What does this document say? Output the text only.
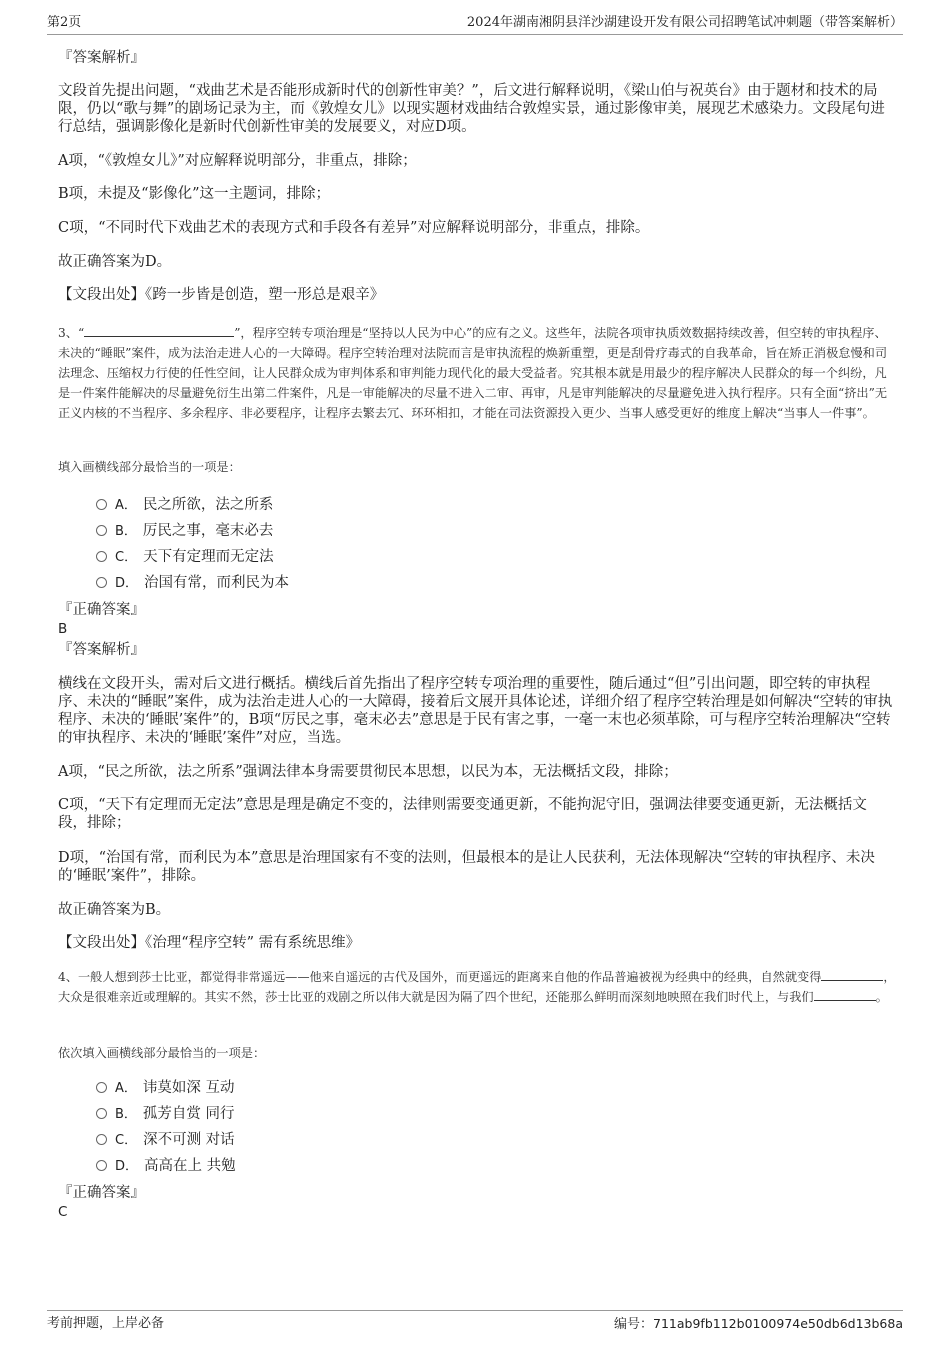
第2页	2024年湖南湘阴县洋沙湖建设开发有限公司招聘笔试冲刺题（带答案解析）

『答案解析』

文段首先提出问题，“戏曲艺术是否能形成新时代的创新性审美？”，后文进行解释说明，《梁山伯与祝英台》由于题材和技术的局限，仍以“歌与舞”的剧场记录为主，而《敦煌女儿》以现实题材戏曲结合敦煌实景，通过影像审美，展现艺术感染力。文段尾句进行总结，强调影像化是新时代创新性审美的发展要义，对应D项。

A项，“《敦煌女儿》”对应解释说明部分，非重点，排除；

B项，未提及“影像化”这一主题词，排除；

C项，“不同时代下戏曲艺术的表现方式和手段各有差异”对应解释说明部分，非重点，排除。

故正确答案为D。

【文段出处】《跨一步皆是创造，塑一形总是艰辛》

3、“	”，程序空转专项治理是“坚持以人民为中心”的应有之义。这些年，法院各项审执质效数据持续改善，但空转的审执程序、未决的“睡眠”案件，成为法治走进人心的一大障碍。程序空转治理对法院而言是审执流程的焕新重塑，更是刮骨疗毒式的自我革命，旨在矫正消极怠慢和司法理念、压缩权力行使的任性空间，让人民群众成为审判体系和审判能力现代化的最大受益者。究其根本就是用最少的程序解决人民群众的每一个纠纷，凡是一件案件能解决的尽量避免衍生出第二件案件，凡是一审能解决的尽量不进入二审、再审，凡是审判能解决的尽量避免进入执行程序。只有全面“挤出”无正义内核的不当程序、多余程序、非必要程序，让程序去繁去冗、环环相扣，才能在司法资源投入更少、当事人感受更好的维度上解决“当事人一件事”。

填入画横线部分最恰当的一项是：

A． 民之所欲，法之所系
B． 厉民之事，毫末必去
C． 天下有定理而无定法
D． 治国有常，而利民为本

『正确答案』

B

『答案解析』

横线在文段开头，需对后文进行概括。横线后首先指出了程序空转专项治理的重要性，随后通过“但”引出问题，即空转的审执程序、未决的“睡眠”案件，成为法治走进人心的一大障碍，接着后文展开具体论述，详细介绍了程序空转治理是如何解决“空转的审执程序、未决的‘睡眠’案件”的，B项“厉民之事，毫末必去”意思是于民有害之事，一毫一末也必须革除，可与程序空转治理解决“空转的审执程序、未决的‘睡眠’案件”对应，当选。

A项，“民之所欲，法之所系”强调法律本身需要贯彻民本思想，以民为本，无法概括文段，排除；

C项，“天下有定理而无定法”意思是理是确定不变的，法律则需要变通更新，不能拘泥守旧，强调法律要变通更新，无法概括文段，排除；

D项，“治国有常，而利民为本”意思是治理国家有不变的法则，但最根本的是让人民获利，无法体现解决“空转的审执程序、未决的‘睡眠’案件”，排除。

故正确答案为B。

【文段出处】《治理“程序空转” 需有系统思维》

4、一般人想到莎士比亚，都觉得非常遥远——他来自遥远的古代及国外，而更遥远的距离来自他的作品普遍被视为经典中的经典，自然就变得	，大众是很难亲近或理解的。其实不然，莎士比亚的戏剧之所以伟大就是因为隔了四个世纪，还能那么鲜明而深刻地映照在我们时代上，与我们	。

依次填入画横线部分最恰当的一项是：

A． 讳莫如深 互动
B． 孤芳自赏 同行
C． 深不可测 对话
D． 高高在上 共勉

『正确答案』

C

考前押题，上岸必备	编号：711ab9fb112b0100974e50db6d13b68a
